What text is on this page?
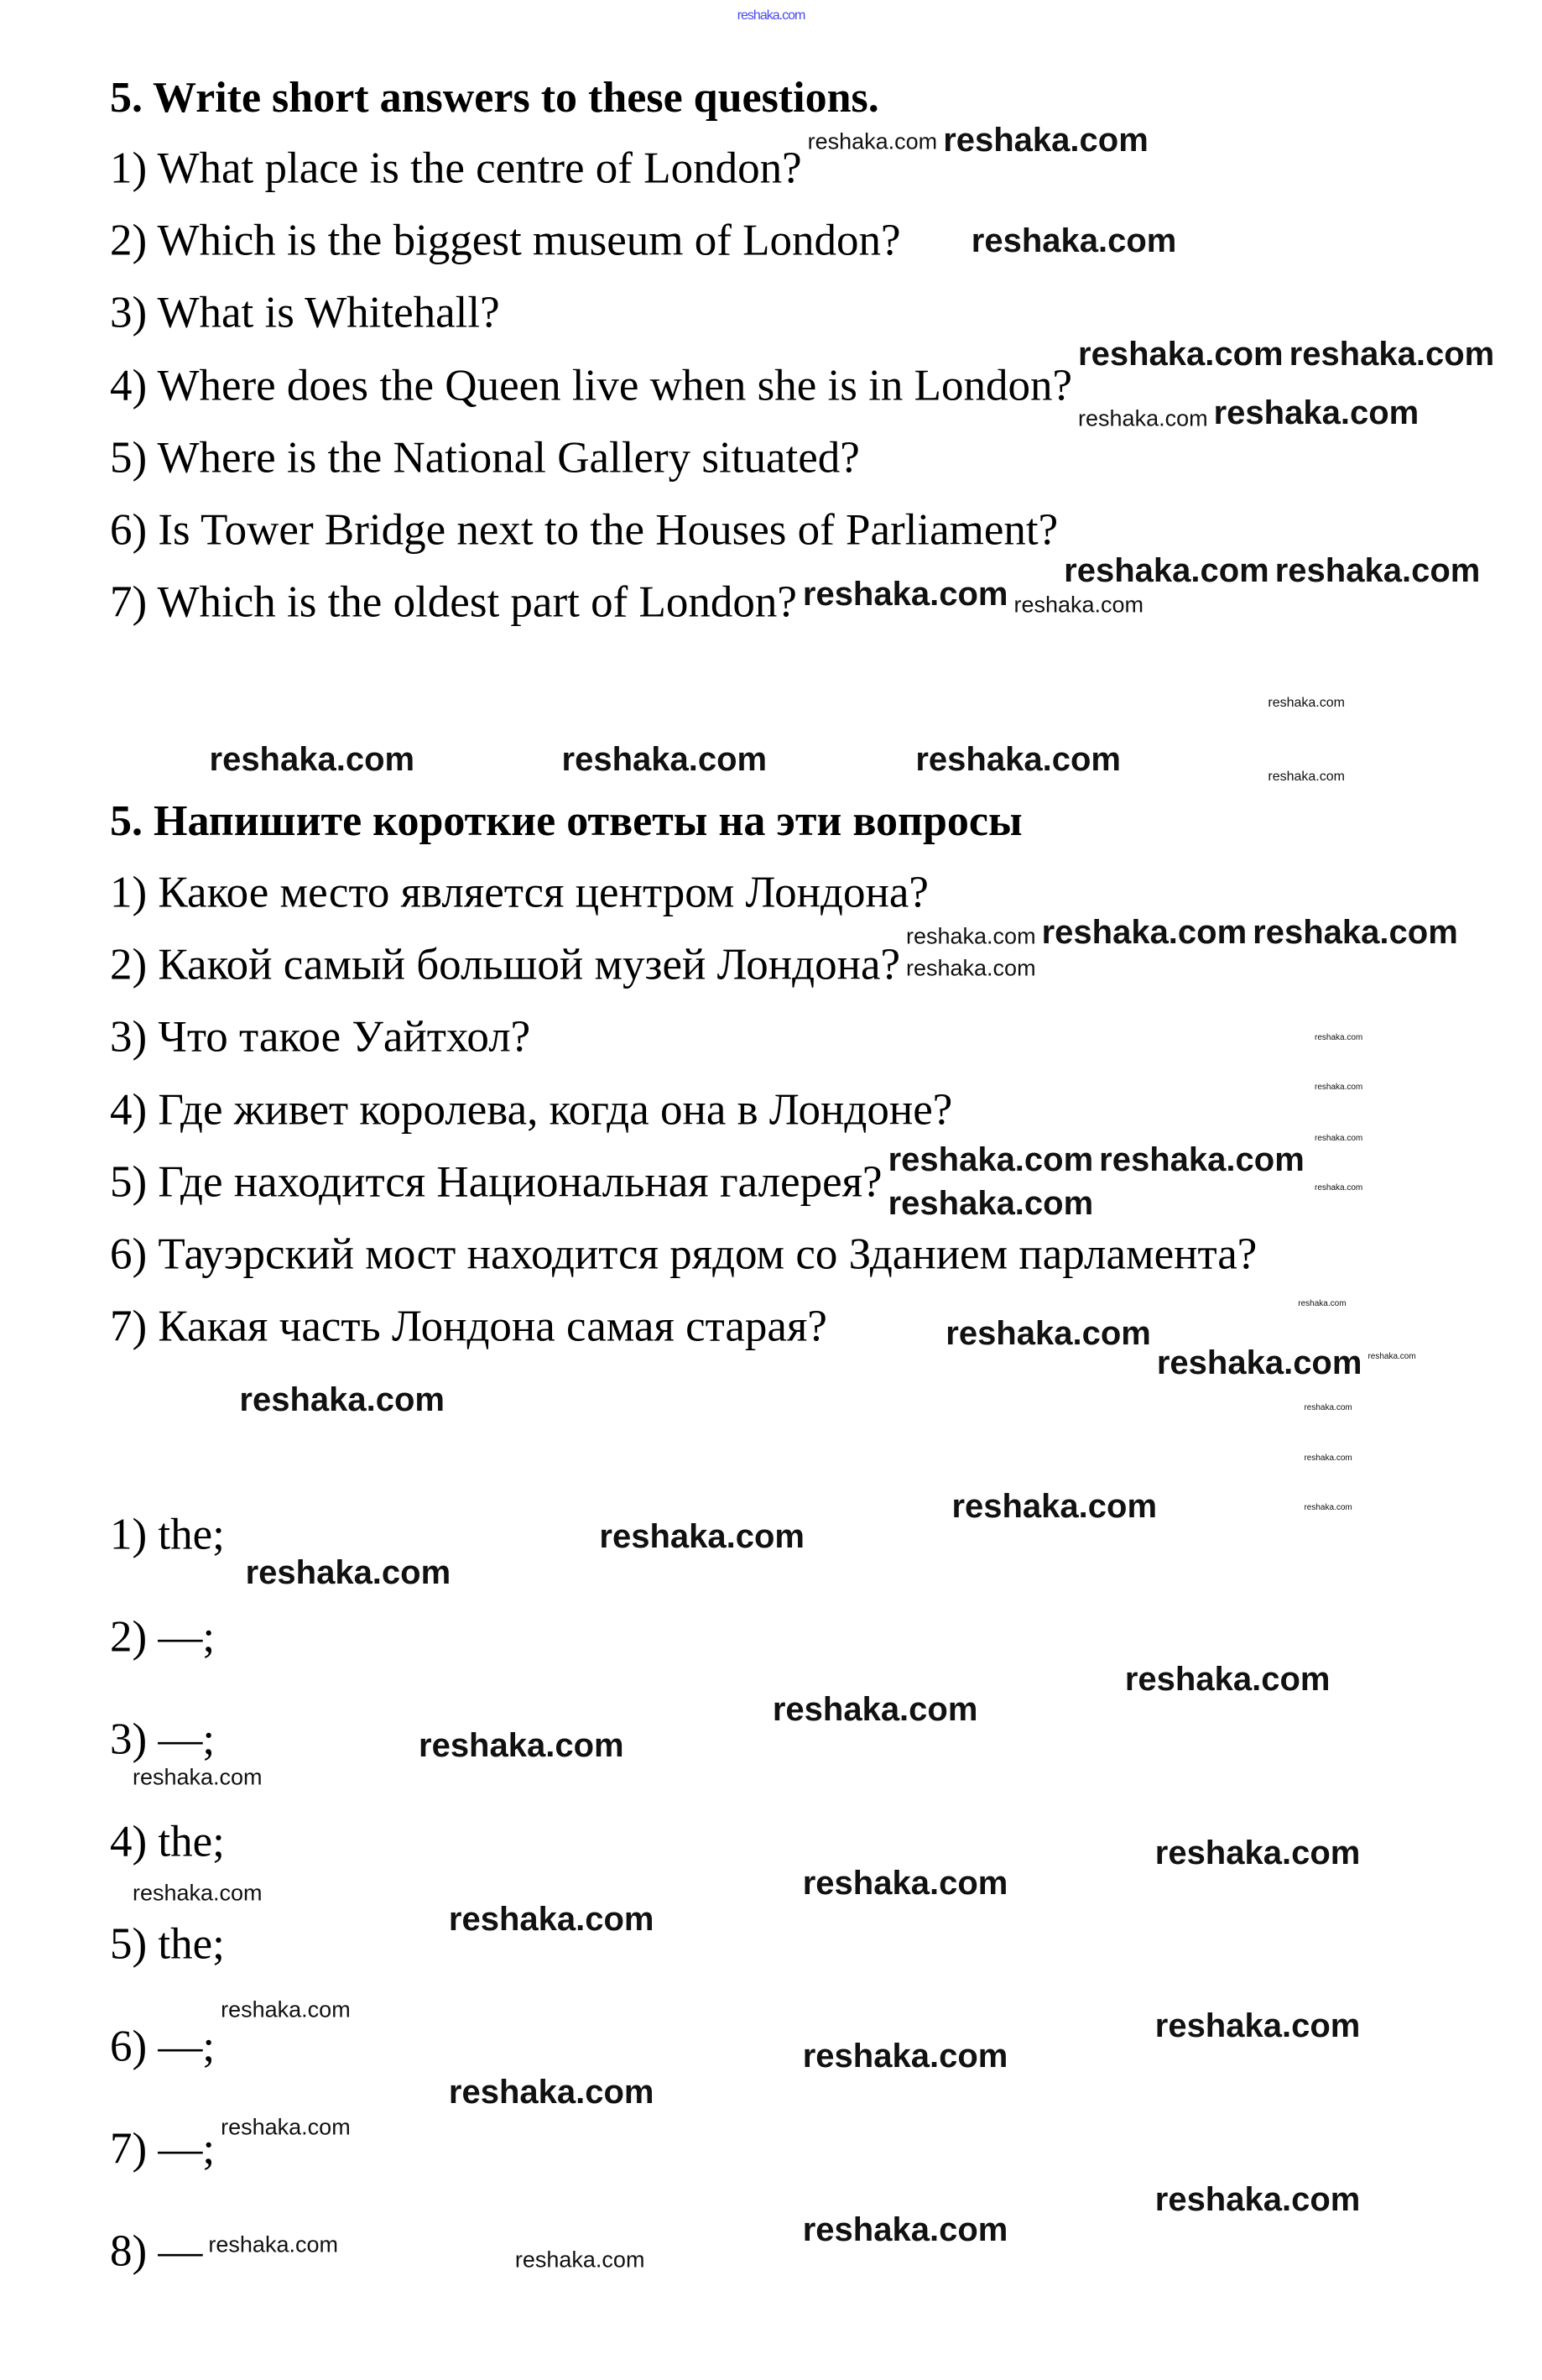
reshaka.com
5. Write short answers to these questions.
1) What place is the centre of London?
2) Which is the biggest museum of London?
3) What is Whitehall?
4) Where does the Queen live when she is in London?
5) Where is the National Gallery situated?
6) Is Tower Bridge next to the Houses of Parliament?
7) Which is the oldest part of London?
5. Напишите короткие ответы на эти вопросы
1) Какое место является центром Лондона?
2) Какой самый большой музей Лондона?
3) Что такое Уайтхол?
4) Где живет королева, когда она в Лондоне?
5) Где находится Национальная галерея?
6) Тауэрский мост находится рядом со Зданием парламента?
7) Какая часть Лондона самая старая?
1) the;
2) —;
3) —;
4) the;
5) the;
6) —;
7) —;
8) —
reshaka.com reshaka.com
reshaka.com
reshaka.com reshaka.com
reshaka.com reshaka.com
reshaka.com reshaka.com
reshaka.com reshaka.com
reshaka.com
reshaka.com	reshaka.com	reshaka.com	reshaka.com
reshaka.com reshaka.com reshaka.com
reshaka.com
reshaka.com
reshaka.com
reshaka.com
reshaka.com
reshaka.com reshaka.com
reshaka.com
reshaka.com
reshaka.com
reshaka.com reshaka.com
reshaka.com	reshaka.com
reshaka.com
reshaka.com	reshaka.com
reshaka.com
reshaka.com
reshaka.com
reshaka.com
reshaka.com
reshaka.com
reshaka.com
reshaka.com
reshaka.com
reshaka.com
reshaka.com	reshaka.com
reshaka.com
reshaka.com
reshaka.com
reshaka.com
reshaka.com
reshaka.com
reshaka.com
